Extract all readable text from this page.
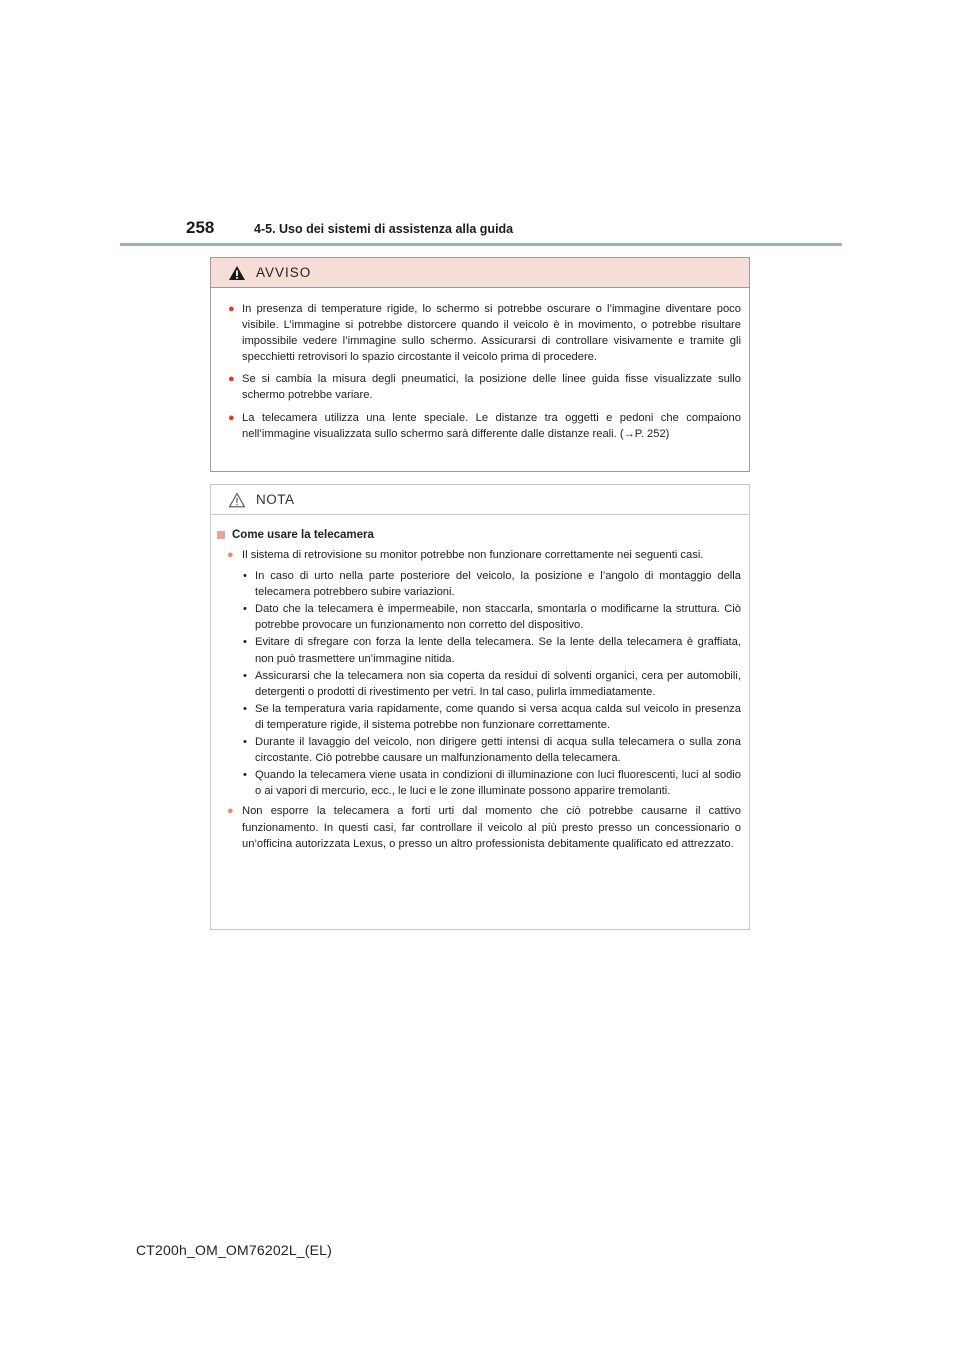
258	4-5. Uso dei sistemi di assistenza alla guida
AVVISO

● In presenza di temperature rigide, lo schermo si potrebbe oscurare o l’immagine diventare poco visibile. L’immagine si potrebbe distorcere quando il veicolo è in movimento, o potrebbe risultare impossibile vedere l’immagine sullo schermo. Assicurarsi di controllare visivamente e tramite gli specchietti retrovisori lo spazio circostante il veicolo prima di procedere.

● Se si cambia la misura degli pneumatici, la posizione delle linee guida fisse visualizzate sullo schermo potrebbe variare.

● La telecamera utilizza una lente speciale. Le distanze tra oggetti e pedoni che compaiono nell’immagine visualizzata sullo schermo sarà differente dalle distanze reali. (→P. 252)

NOTA
Come usare la telecamera

● Il sistema di retrovisione su monitor potrebbe non funzionare correttamente nei seguenti casi.

• In caso di urto nella parte posteriore del veicolo, la posizione e l’angolo di montaggio della telecamera potrebbero subire variazioni.

• Dato che la telecamera è impermeabile, non staccarla, smontarla o modificarne la struttura. Ciò potrebbe provocare un funzionamento non corretto del dispositivo.

• Evitare di sfregare con forza la lente della telecamera. Se la lente della telecamera è graffiata, non può trasmettere un’immagine nitida.

• Assicurarsi che la telecamera non sia coperta da residui di solventi organici, cera per automobili, detergenti o prodotti di rivestimento per vetri. In tal caso, pulirla immediatamente.

• Se la temperatura varia rapidamente, come quando si versa acqua calda sul veicolo in presenza di temperature rigide, il sistema potrebbe non funzionare correttamente.

• Durante il lavaggio del veicolo, non dirigere getti intensi di acqua sulla telecamera o sulla zona circostante. Ciò potrebbe causare un malfunzionamento della telecamera.

• Quando la telecamera viene usata in condizioni di illuminazione con luci fluorescenti, luci al sodio o ai vapori di mercurio, ecc., le luci e le zone illuminate possono apparire tremolanti.

● Non esporre la telecamera a forti urti dal momento che ciò potrebbe causarne il cattivo funzionamento. In questi casi, far controllare il veicolo al più presto presso un concessionario o un’officina autorizzata Lexus, o presso un altro professionista debitamente qualificato ed attrezzato.

CT200h_OM_OM76202L_(EL)
